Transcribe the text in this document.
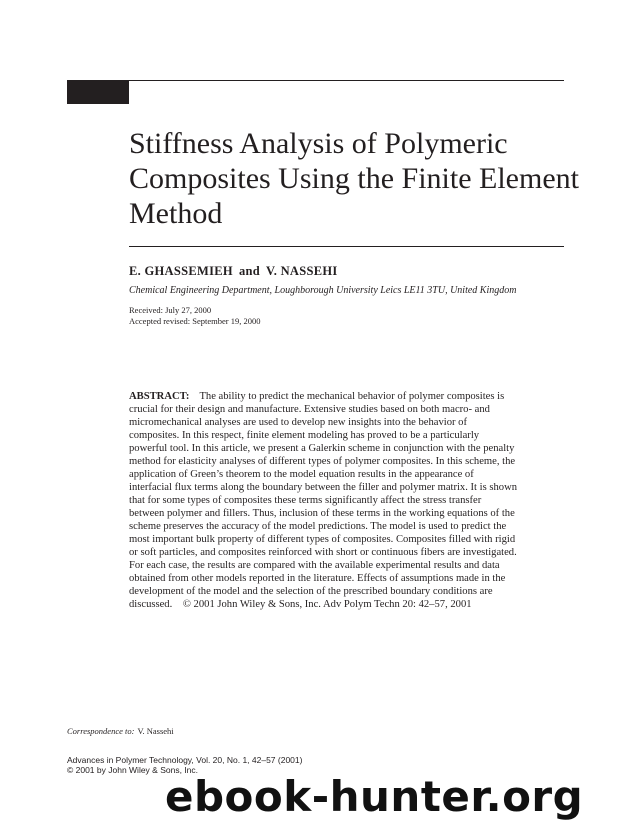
Stiffness Analysis of Polymeric Composites Using the Finite Element Method
E. GHASSEMIEH and V. NASSEHI
Chemical Engineering Department, Loughborough University Leics LE11 3TU, United Kingdom
Received: July 27, 2000
Accepted revised: September 19, 2000

ABSTRACT: The ability to predict the mechanical behavior of polymer composites is crucial for their design and manufacture. Extensive studies based on both macro- and micromechanical analyses are used to develop new insights into the behavior of composites. In this respect, finite element modeling has proved to be a particularly powerful tool. In this article, we present a Galerkin scheme in conjunction with the penalty method for elasticity analyses of different types of polymer composites. In this scheme, the application of Green’s theorem to the model equation results in the appearance of interfacial flux terms along the boundary between the filler and polymer matrix. It is shown that for some types of composites these terms significantly affect the stress transfer between polymer and fillers. Thus, inclusion of these terms in the working equations of the scheme preserves the accuracy of the model predictions. The model is used to predict the most important bulk property of different types of composites. Composites filled with rigid or soft particles, and composites reinforced with short or continuous fibers are investigated. For each case, the results are compared with the available experimental results and data obtained from other models reported in the literature. Effects of assumptions made in the development of the model and the selection of the prescribed boundary conditions are discussed. © 2001 John Wiley & Sons, Inc. Adv Polym Techn 20: 42–57, 2001

Correspondence to: V. Nassehi
Advances in Polymer Technology, Vol. 20, No. 1, 42–57 (2001)
© 2001 by John Wiley & Sons, Inc.
ebook-hunter.org
